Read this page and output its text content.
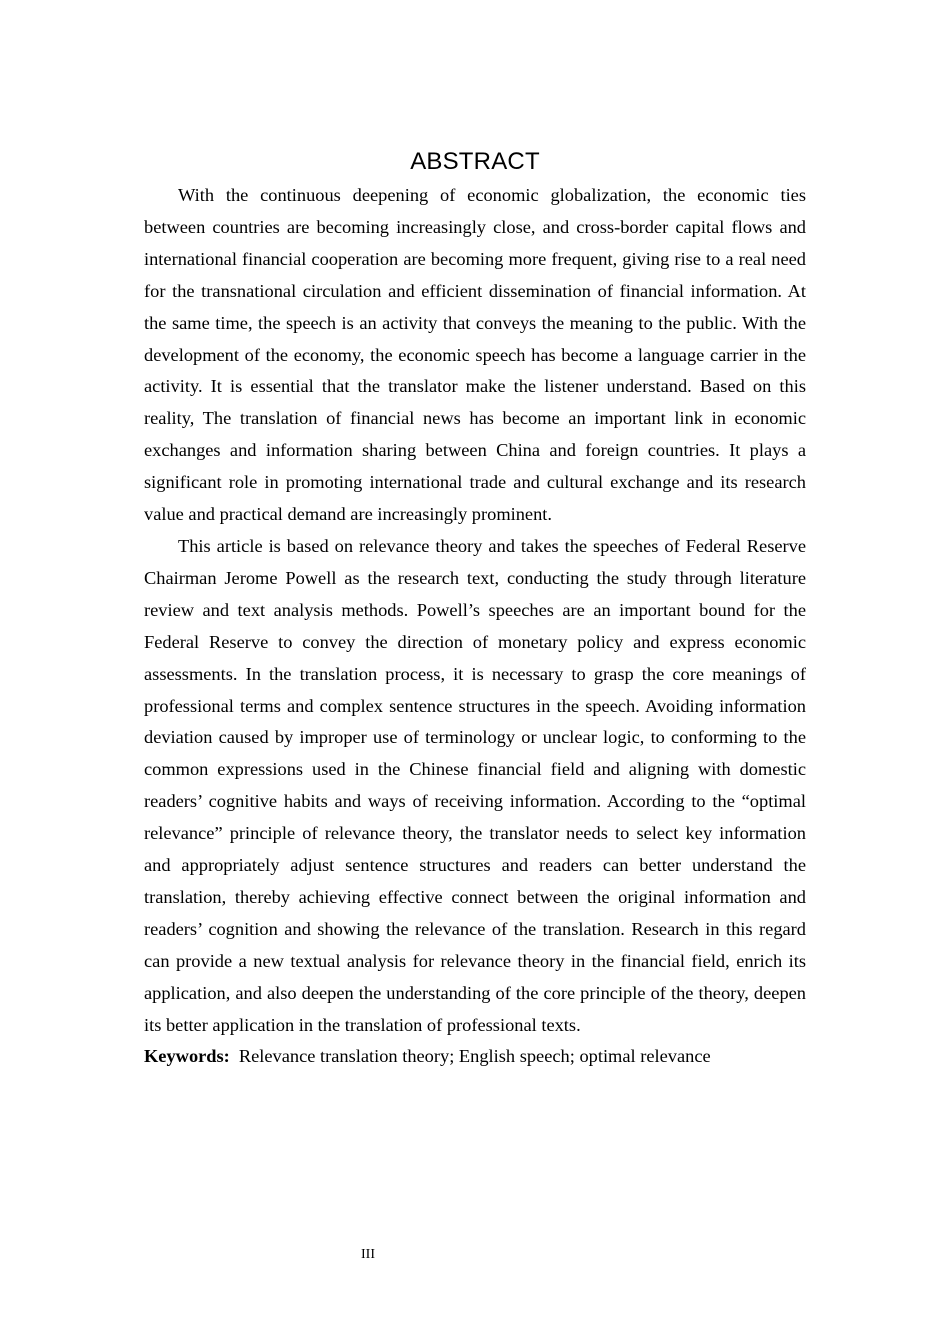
ABSTRACT

With the continuous deepening of economic globalization, the economic ties between countries are becoming increasingly close, and cross-border capital flows and international financial cooperation are becoming more frequent, giving rise to a real need for the transnational circulation and efficient dissemination of financial information. At the same time, the speech is an activity that conveys the meaning to the public. With the development of the economy, the economic speech has become a language carrier in the activity. It is essential that the translator make the listener understand. Based on this reality, The translation of financial news has become an important link in economic exchanges and information sharing between China and foreign countries. It plays a significant role in promoting international trade and cultural exchange and its research value and practical demand are increasingly prominent.

This article is based on relevance theory and takes the speeches of Federal Reserve Chairman Jerome Powell as the research text, conducting the study through literature review and text analysis methods. Powell’s speeches are an important bound for the Federal Reserve to convey the direction of monetary policy and express economic assessments. In the translation process, it is necessary to grasp the core meanings of professional terms and complex sentence structures in the speech. Avoiding information deviation caused by improper use of terminology or unclear logic, to conforming to the common expressions used in the Chinese financial field and aligning with domestic readers’ cognitive habits and ways of receiving information. According to the “optimal relevance” principle of relevance theory, the translator needs to select key information and appropriately adjust sentence structures and readers can better understand the translation, thereby achieving effective connect between the original information and readers’ cognition and showing the relevance of the translation. Research in this regard can provide a new textual analysis for relevance theory in the financial field, enrich its application, and also deepen the understanding of the core principle of the theory, deepen its better application in the translation of professional texts.

Keywords: Relevance translation theory; English speech; optimal relevance

III
